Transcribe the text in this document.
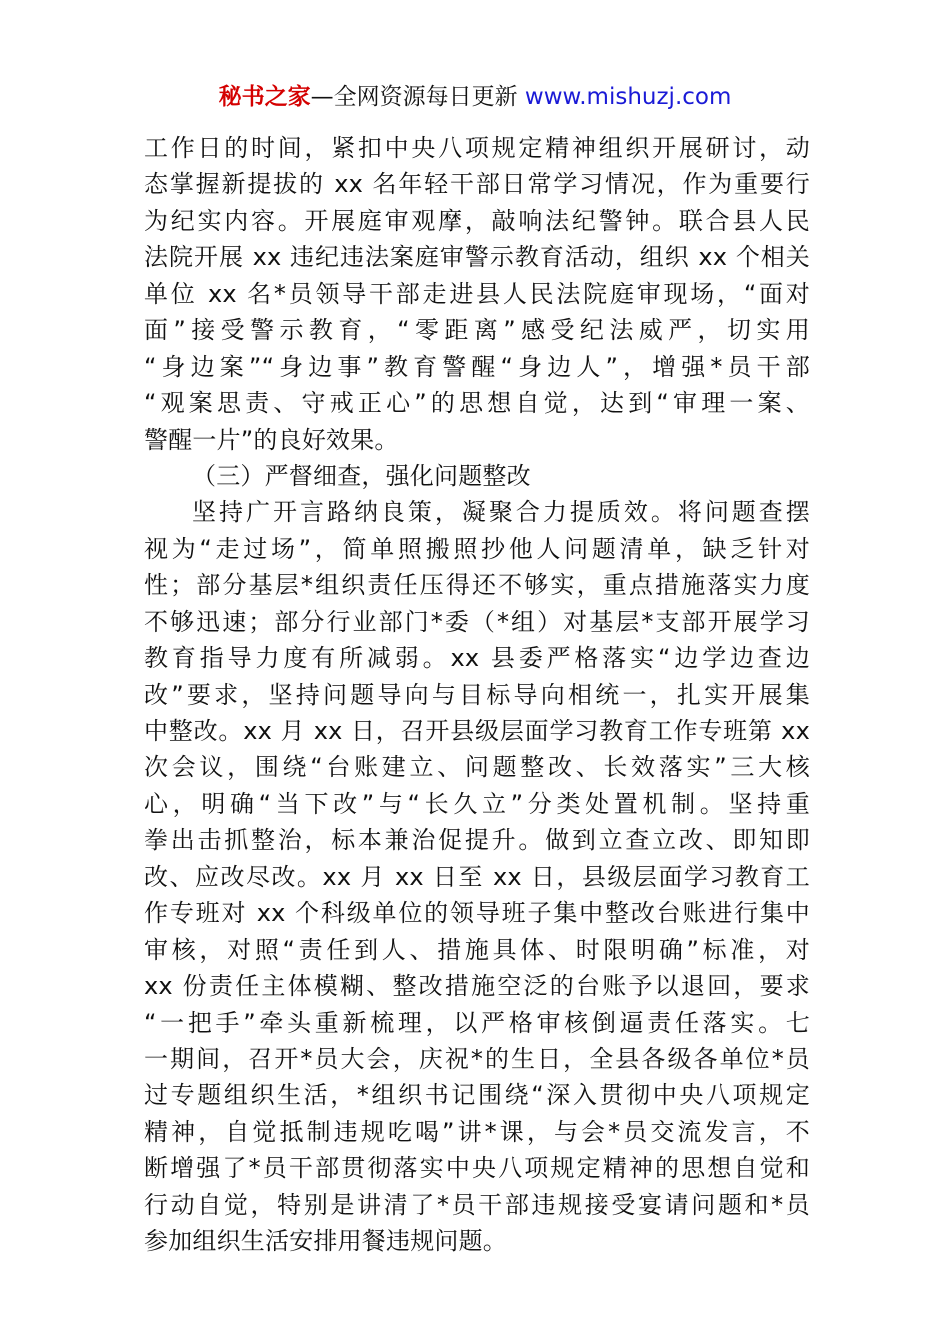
秘书之家—全网资源每日更新 www.mishuzj.com
工作日的时间，紧扣中央八项规定精神组织开展研讨，动
态掌握新提拔的 xx 名年轻干部日常学习情况，作为重要行
为纪实内容。开展庭审观摩，敲响法纪警钟。联合县人民
法院开展 xx 违纪违法案庭审警示教育活动，组织 xx 个相关
单位 xx 名*员领导干部走进县人民法院庭审现场，“面对
面”接受警示教育，“零距离”感受纪法威严，切实用
“身边案”“身边事”教育警醒“身边人”，增强*员干部
“观案思责、守戒正心”的思想自觉，达到“审理一案、
警醒一片”的良好效果。
（三）严督细查，强化问题整改
坚持广开言路纳良策，凝聚合力提质效。将问题查摆
视为“走过场”，简单照搬照抄他人问题清单，缺乏针对
性；部分基层*组织责任压得还不够实，重点措施落实力度
不够迅速；部分行业部门*委（*组）对基层*支部开展学习
教育指导力度有所减弱。xx 县委严格落实“边学边查边
改”要求，坚持问题导向与目标导向相统一，扎实开展集
中整改。xx 月 xx 日，召开县级层面学习教育工作专班第 xx
次会议，围绕“台账建立、问题整改、长效落实”三大核
心，明确“当下改”与“长久立”分类处置机制。坚持重
拳出击抓整治，标本兼治促提升。做到立查立改、即知即
改、应改尽改。xx 月 xx 日至 xx 日，县级层面学习教育工
作专班对 xx 个科级单位的领导班子集中整改台账进行集中
审核，对照“责任到人、措施具体、时限明确”标准，对
xx 份责任主体模糊、整改措施空泛的台账予以退回，要求
“一把手”牵头重新梳理，以严格审核倒逼责任落实。七
一期间，召开*员大会，庆祝*的生日，全县各级各单位*员
过专题组织生活，*组织书记围绕“深入贯彻中央八项规定
精神，自觉抵制违规吃喝”讲*课，与会*员交流发言，不
断增强了*员干部贯彻落实中央八项规定精神的思想自觉和
行动自觉，特别是讲清了*员干部违规接受宴请问题和*员
参加组织生活安排用餐违规问题。
